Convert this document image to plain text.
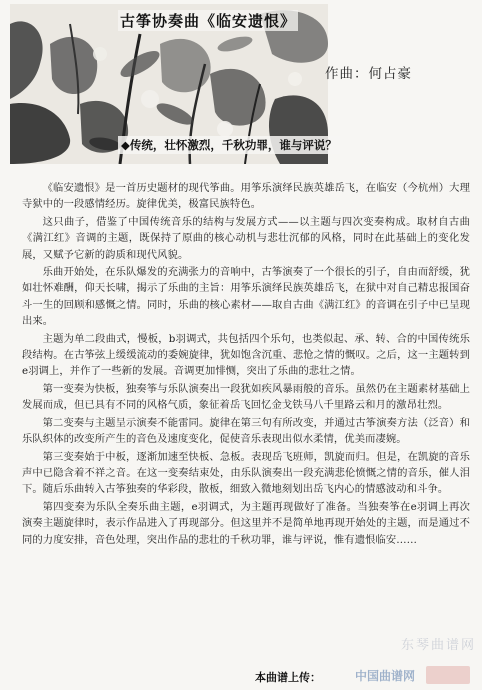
古筝协奏曲《临安遗恨》
作曲：何占豪
◆传统，壮怀激烈，千秋功罪，谁与评说？

《临安遗恨》是一首历史题材的现代筝曲。用筝乐演绎民族英雄岳飞，在临安（今杭州）大理寺狱中的一段感情经历。旋律优美，极富民族特色。

这只曲子，借鉴了中国传统音乐的结构与发展方式——以主题与四次变奏构成。取材自古曲《满江红》音调的主题，既保持了原曲的核心动机与悲壮沉郁的风格，同时在此基础上的变化发展，又赋予它新的韵质和现代风貌。

乐曲开始处，在乐队爆发的充满张力的音响中，古筝演奏了一个很长的引子，自由而舒缓，犹如壮怀难酬，仰天长啸，揭示了乐曲的主旨：用筝乐演绎民族英雄岳飞，在狱中对自己精忠报国奋斗一生的回顾和感慨之情。同时，乐曲的核心素材——取自古曲《满江红》的音调在引子中已呈现出来。

主题为单二段曲式，慢板，b羽调式，共包括四个乐句，也类似起、承、转、合的中国传统乐段结构。在古筝弦上缓缓流动的委婉旋律，犹如饱含沉重、悲怆之情的慨叹。之后，这一主题转到e羽调上，并作了一些新的发展。音调更加悱恻，突出了乐曲的悲壮之情。

第一变奏为快板，独奏筝与乐队演奏出一段犹如疾风暴雨般的音乐。虽然仍在主题素材基础上发展而成，但已具有不同的风格气质，象征着岳飞回忆金戈铁马八千里路云和月的激昂壮烈。

第二变奏与主题呈示演奏不能雷同。旋律在第三句有所改变，并通过古筝演奏方法（泛音）和乐队织体的改变所产生的音色及速度变化，促使音乐表现出似水柔情，优美而凄婉。

第三变奏始于中板，逐渐加速至快板、急板。表现岳飞班师，凯旋而归。但是，在凯旋的音乐声中已隐含着不祥之音。在这一变奏结束处，由乐队演奏出一段充满悲伦愤慨之情的音乐，催人泪下。随后乐曲转入古筝独奏的华彩段，散板，细致入微地刻划出岳飞内心的情感波动和斗争。

第四变奏为乐队全奏乐曲主题，e羽调式，为主题再现做好了准备。当独奏筝在e羽调上再次演奏主题旋律时，表示作品进入了再现部分。但这里并不是简单地再现开始处的主题，而是通过不同的力度安排，音色处理，突出作品的悲壮的千秋功罪，谁与评说，惟有遗恨临安……

东琴曲谱网
本曲谱上传：	中国曲谱网
